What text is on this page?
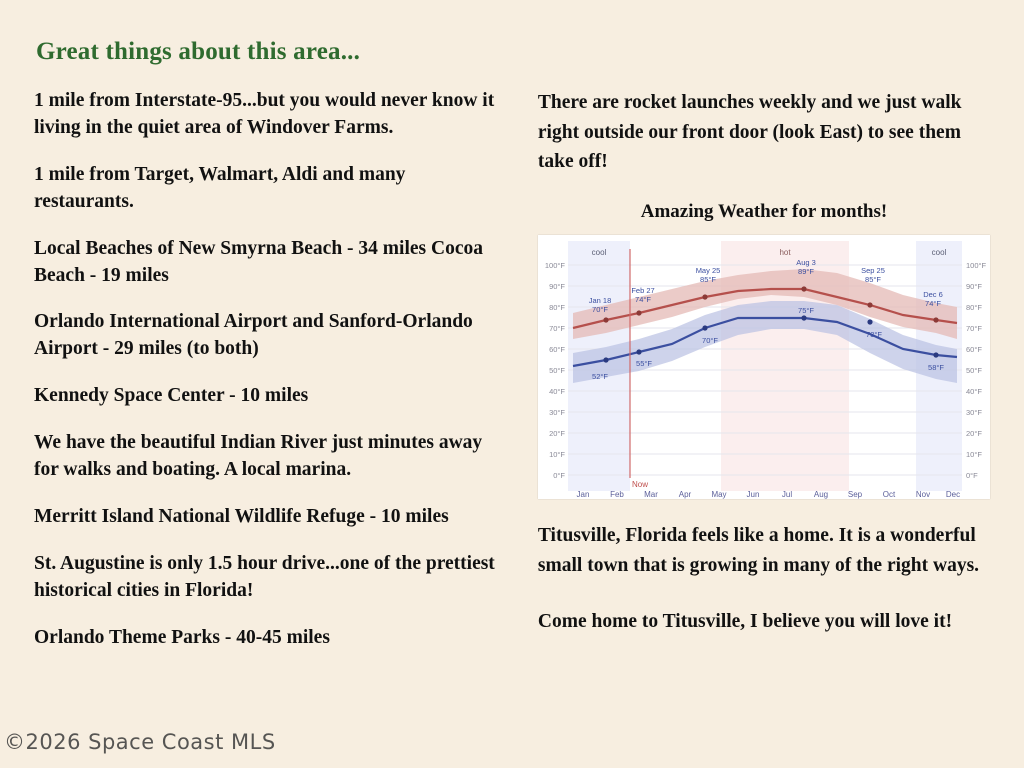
Great things about this area...
1 mile from Interstate-95...but you would never know it living in the quiet area of Windover Farms.
1 mile from Target, Walmart, Aldi and many restaurants.
Local Beaches of New Smyrna Beach - 34 miles Cocoa Beach - 19 miles
Orlando International Airport and Sanford-Orlando Airport - 29 miles (to both)
Kennedy Space Center - 10 miles
We have the beautiful Indian River just minutes away for walks and boating. A local marina.
Merritt Island National Wildlife Refuge - 10 miles
St. Augustine is only 1.5 hour drive...one of the prettiest historical cities in Florida!
Orlando Theme Parks - 40-45 miles
There are rocket launches weekly and we just walk right outside our front door (look East) to see them take off!
Amazing Weather for months!
cool	hot	cool
100°F
90°F
80°F
70°F
60°F
50°F
40°F
30°F
20°F
10°F
0°F
100°F
90°F
80°F
70°F
60°F
50°F
40°F
30°F
20°F
10°F
0°F
Jan 18
70°F
Feb 27
74°F
May 25
85°F
Aug 3
89°F	Sep 25
85°F
Dec 6
74°F
52°F
55°F
70°F
75°F
73°F
58°F
Now
Jan	Feb	Mar	Apr	May Jun	Jul	Aug Sep	Oct	Nov Dec
Titusville, Florida feels like a home. It is a wonderful small town that is growing in many of the right ways.
Come home to Titusville, I believe you will love it!
©2026 Space Coast MLS
